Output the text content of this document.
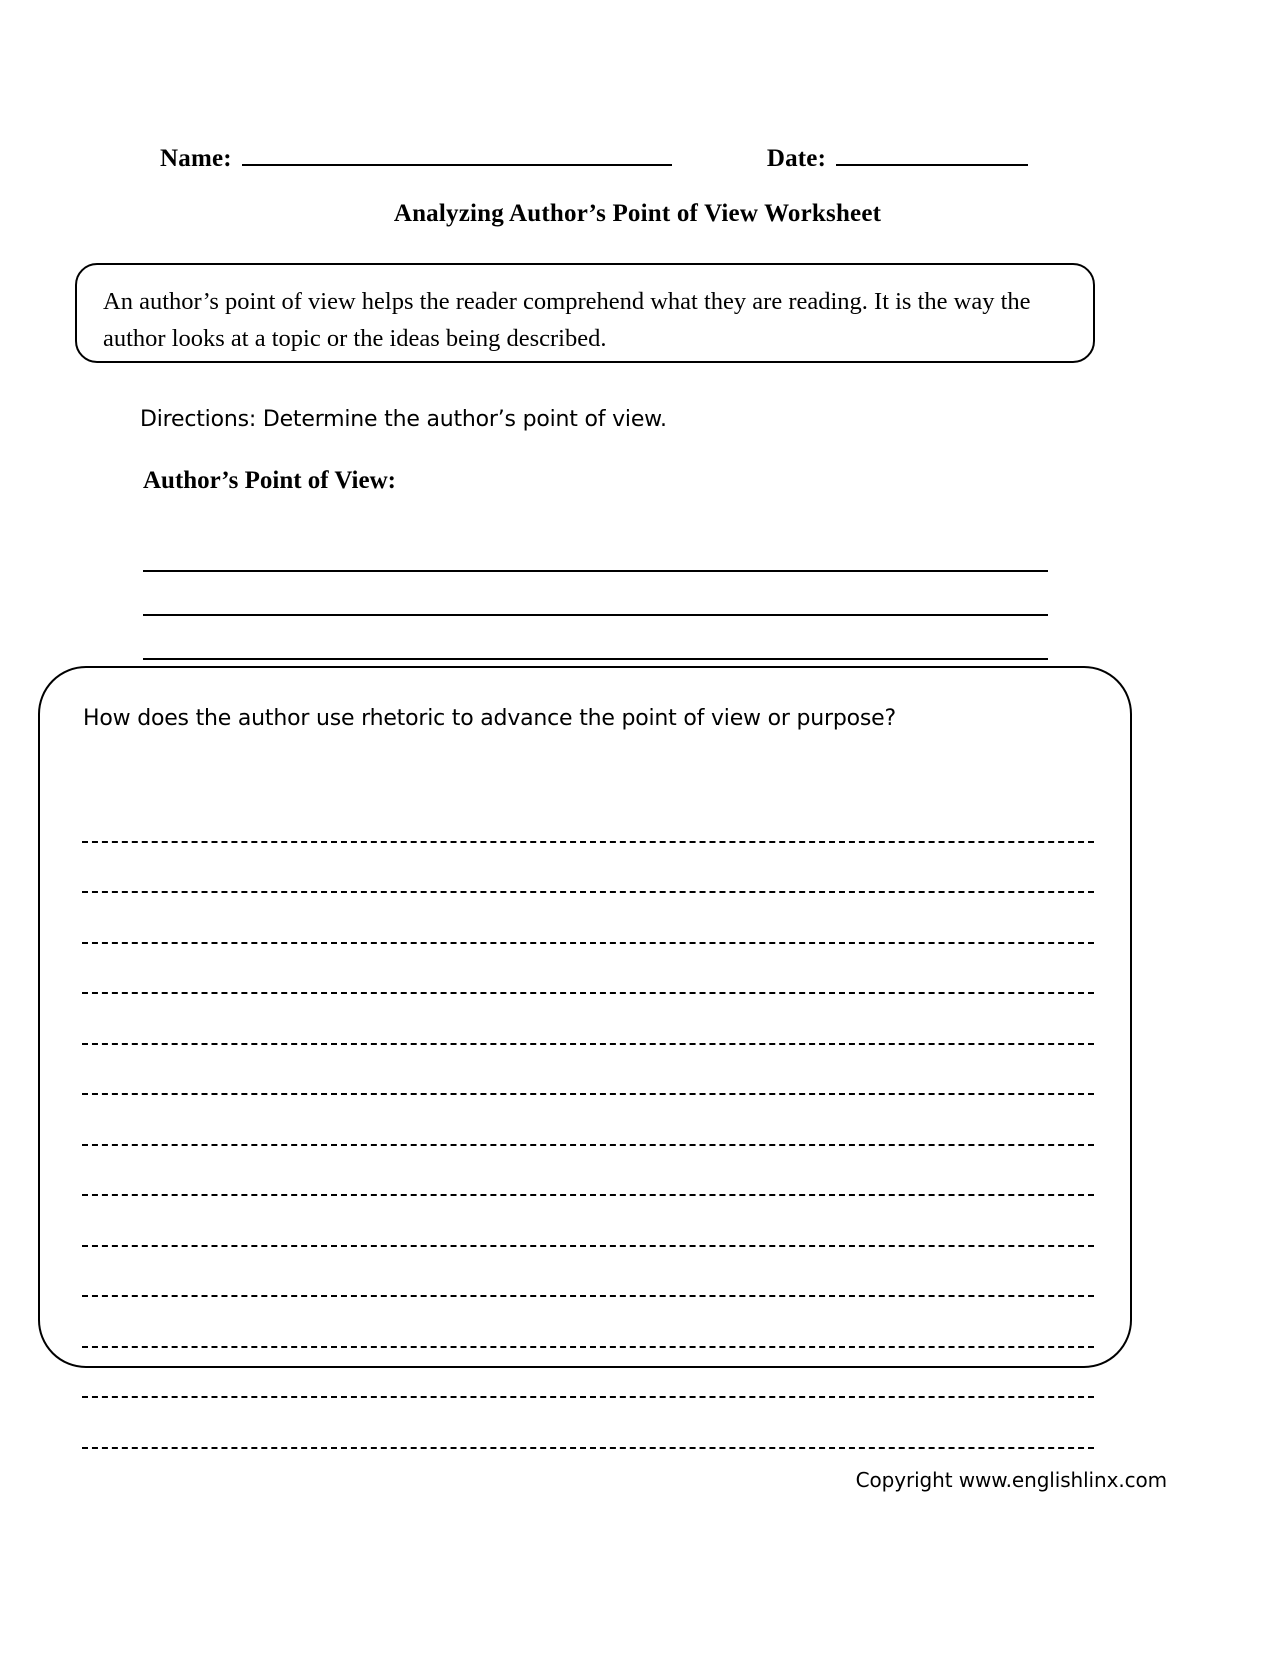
Name:	Date:
Analyzing Author’s Point of View Worksheet
An author’s point of view helps the reader comprehend what they are reading. It is the way the author looks at a topic or the ideas being described.
Directions: Determine the author’s point of view.
Author’s Point of View:
How does the author use rhetoric to advance the point of view or purpose?
Copyright www.englishlinx.com
